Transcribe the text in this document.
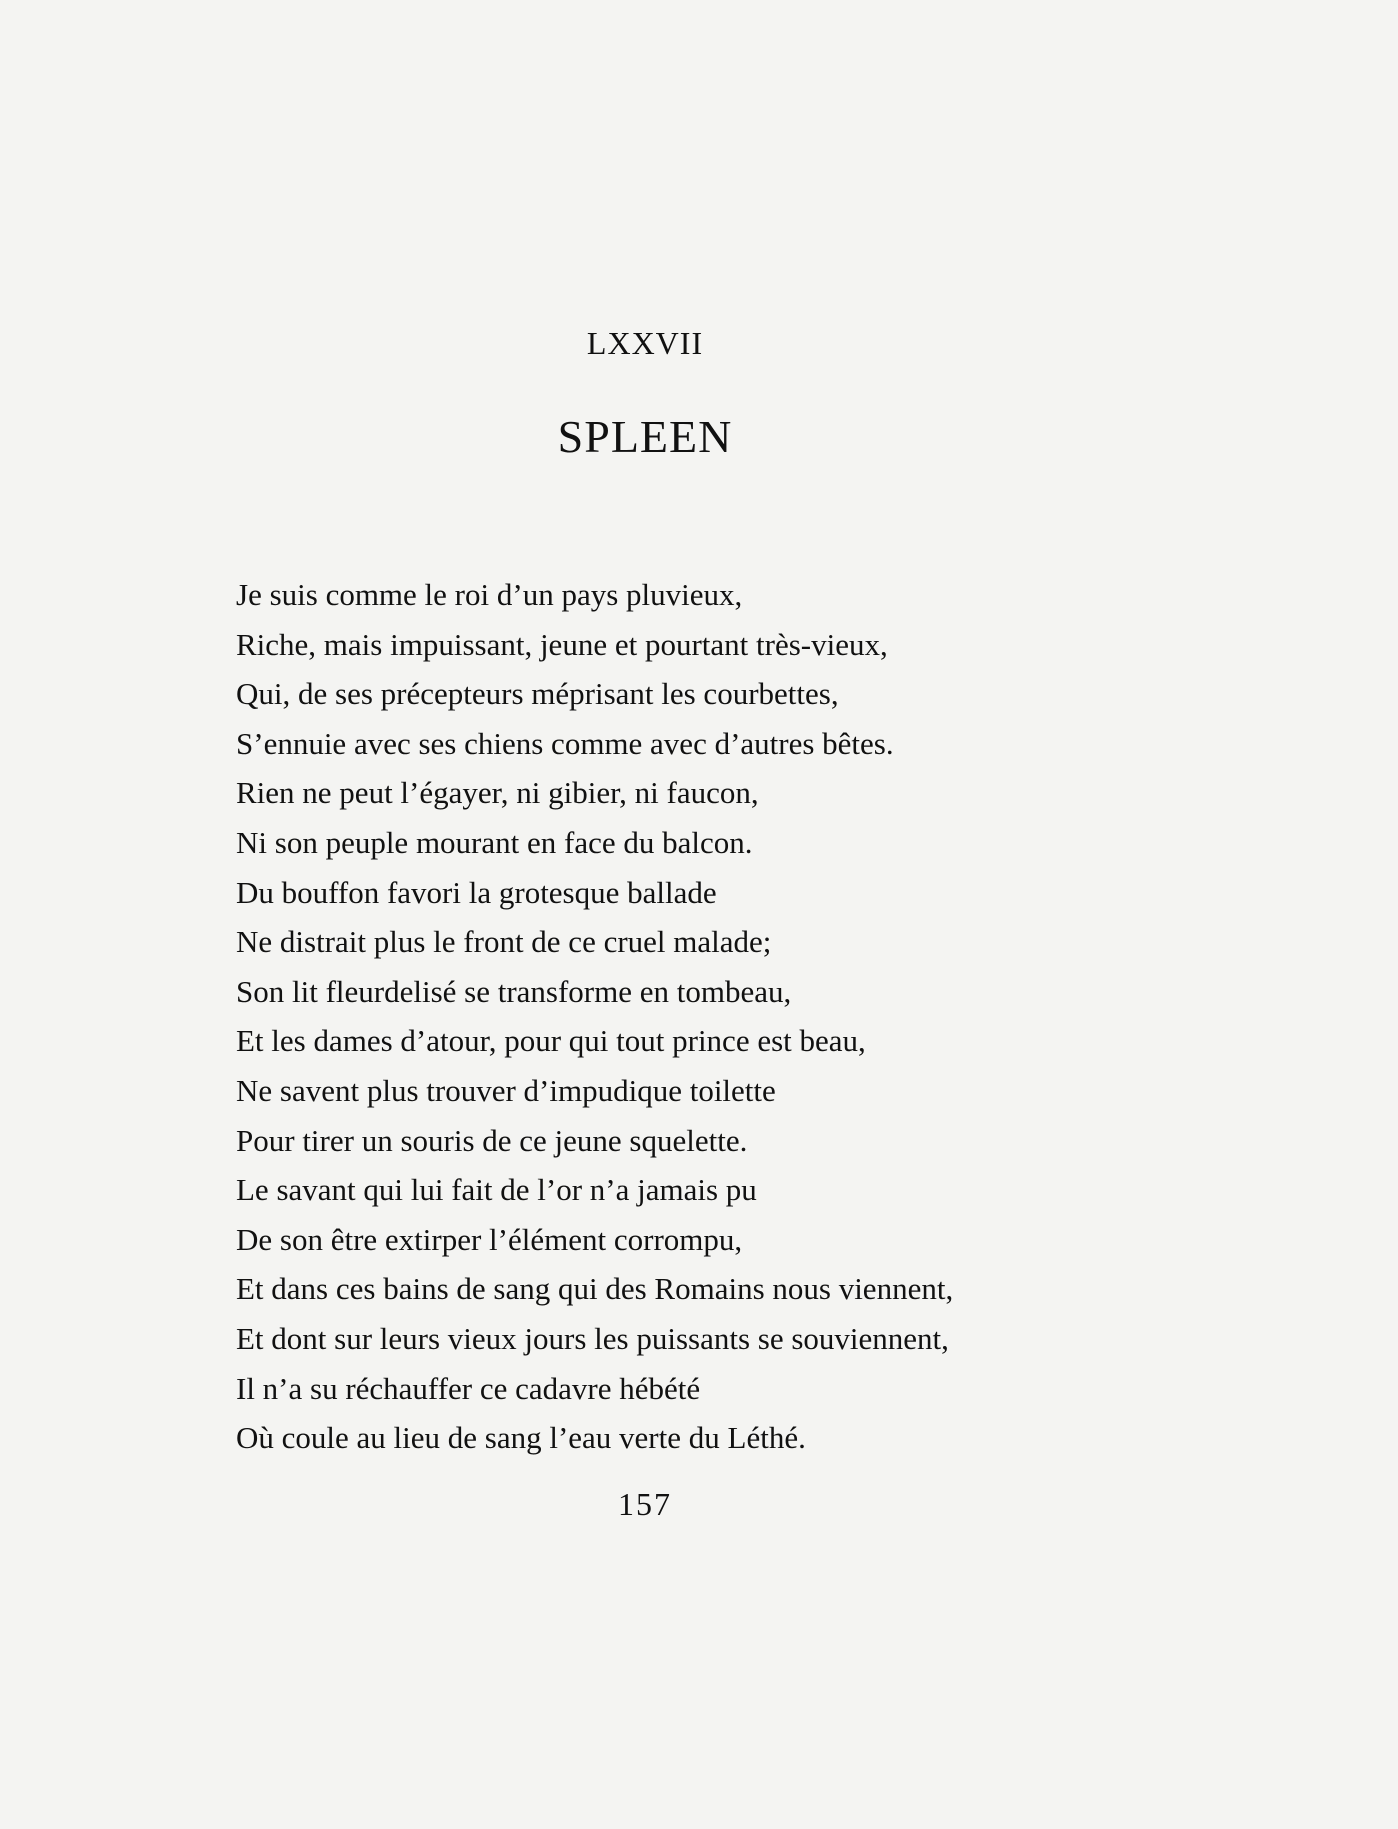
LXXVII
SPLEEN
Je suis comme le roi d’un pays pluvieux,
Riche, mais impuissant, jeune et pourtant très-vieux,
Qui, de ses précepteurs méprisant les courbettes,
S’ennuie avec ses chiens comme avec d’autres bêtes.
Rien ne peut l’égayer, ni gibier, ni faucon,
Ni son peuple mourant en face du balcon.
Du bouffon favori la grotesque ballade
Ne distrait plus le front de ce cruel malade;
Son lit fleurdelisé se transforme en tombeau,
Et les dames d’atour, pour qui tout prince est beau,
Ne savent plus trouver d’impudique toilette
Pour tirer un souris de ce jeune squelette.
Le savant qui lui fait de l’or n’a jamais pu
De son être extirper l’élément corrompu,
Et dans ces bains de sang qui des Romains nous viennent,
Et dont sur leurs vieux jours les puissants se souviennent,
Il n’a su réchauffer ce cadavre hébété
Où coule au lieu de sang l’eau verte du Léthé.
157
